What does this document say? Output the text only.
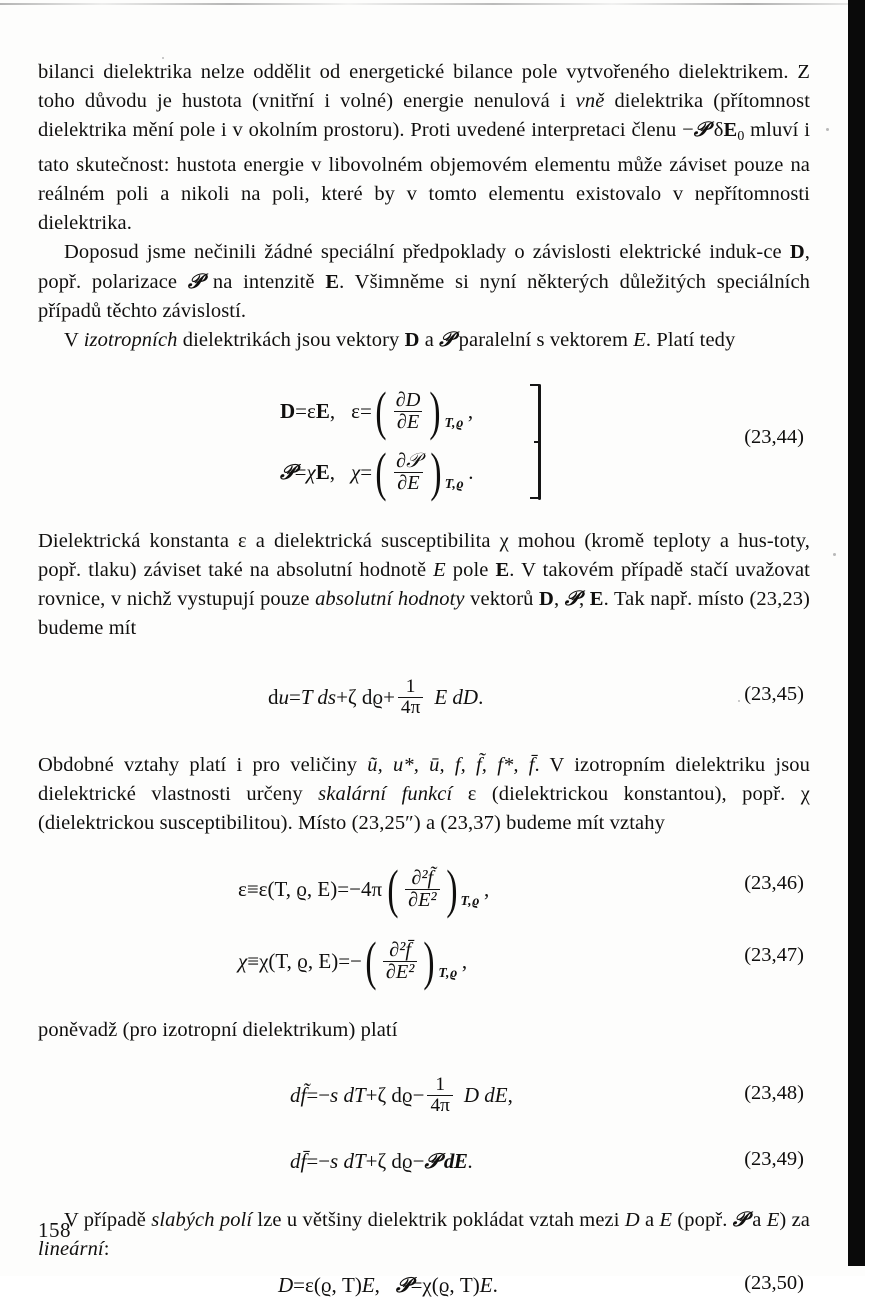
bilanci dielektrika nelze oddělit od energetické bilance pole vytvořeného dielektrikem. Z toho důvodu je hustota (vnitřní i volné) energie nenulová i vně dielektrika (přítomnost dielektrika mění pole i v okolním prostoru). Proti uvedené interpretaci členu −𝒫 $\delta E_0$ mluví i tato skutečnost: hustota energie v libovolném objemovém elementu může záviset pouze na reálném poli a nikoli na poli, které by v tomto elementu existovalo v nepřítomnosti dielektrika.

Doposud jsme nečinili žádné speciální předpoklady o závislosti elektrické induk-ce D, popř. polarizace 𝒫 na intenzitě E. Všimněme si nyní některých důležitých speciálních případů těchto závislostí.

V izotropních dielektrikách jsou vektory D a 𝒫 paralelní s vektorem E. Platí tedy

D = ε E , ε = ( $\frac{\partial D}{\partial E}$ ) T,ϱ ,
𝒫 = χ E , χ = ( $\frac{\text{∂𝒫}}{\partial E}$ ) T,ϱ .
(23,44)

Dielektrická konstanta ε a dielektrická susceptibilita χ mohou (kromě teploty a hus-toty, popř. tlaku) záviset také na absolutní hodnotě E pole E. V takovém případě stačí uvažovat rovnice, v nichž vystupují pouze absolutní hodnoty vektorů D, 𝒫, E. Tak např. místo (23,23) budeme mít

du = T ds + ζ $dϱ + \frac{1}{4\pi}$ E dD .	(23,45)

Obdobné vztahy platí i pro veličiny ũ, u*, ū, f, f̃, f*, f̄. V izotropním dielektriku jsou dielektrické vlastnosti určeny skalární funkcí ε (dielektrickou konstantou), popř. χ (dielektrickou susceptibilitou). Místo (23,25″) a (23,37) budeme mít vztahy

ε ≡ ε(T, ϱ, E) = − 4π ( $\frac{\text{∂²f̃}}{\text{∂E²}}$ ) T,ϱ ,	(23,46)
χ ≡ χ(T, ϱ, E) = − ( $\frac{\text{∂²f̄}}{\text{∂E²}}$ ) T,ϱ ,	(23,47)

poněvadž (pro izotropní dielektrikum) platí

df̃ = − s dT + ζ $dϱ - \frac{1}{4\pi}$ D dE ,	(23,48)
df̄ = − s dT + ζ dϱ − 𝒫 dE .	(23,49)

V případě slabých polí lze u většiny dielektrik pokládat vztah mezi D a E (popř. 𝒫 a E) za lineární:

D = ε(ϱ, T) E , 𝒫 = χ(ϱ, T) E .	(23,50)
158
